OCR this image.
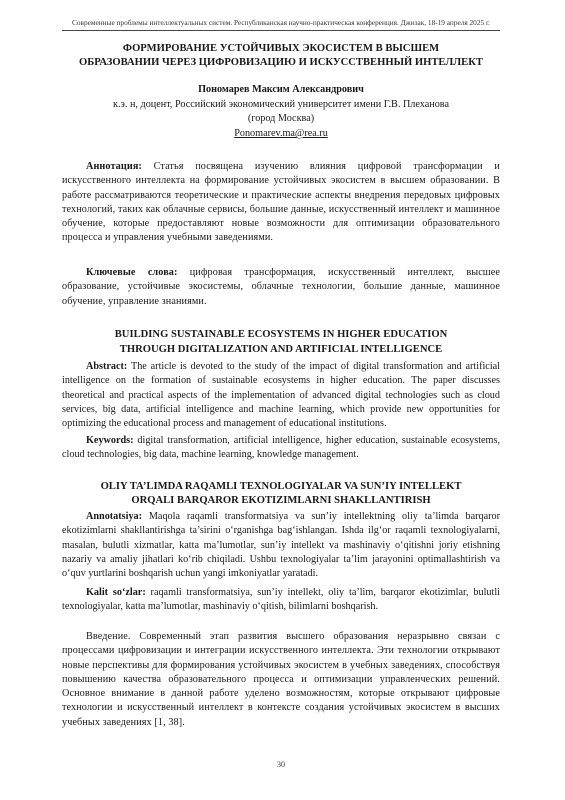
Современные проблемы интеллектуальных систем. Республиканская научно-практическая конференция. Джизак, 18-19 апреля 2025 г.
ФОРМИРОВАНИЕ УСТОЙЧИВЫХ ЭКОСИСТЕМ В ВЫСШЕМ
ОБРАЗОВАНИИ ЧЕРЕЗ ЦИФРОВИЗАЦИЮ И ИСКУССТВЕННЫЙ ИНТЕЛЛЕКТ
Пономарев Максим Александрович
к.э. н, доцент, Российский экономический университет имени Г.В. Плеханова
(город Москва)
Ponomarev.ma@rea.ru

Аннотация: Статья посвящена изучению влияния цифровой трансформации и искусственного интеллекта на формирование устойчивых экосистем в высшем образовании. В работе рассматриваются теоретические и практические аспекты внедрения передовых цифровых технологий, таких как облачные сервисы, большие данные, искусственный интеллект и машинное обучение, которые предоставляют новые возможности для оптимизации образовательного процесса и управления учебными заведениями.

Ключевые слова: цифровая трансформация, искусственный интеллект, высшее образование, устойчивые экосистемы, облачные технологии, большие данные, машинное обучение, управление знаниями.

BUILDING SUSTAINABLE ECOSYSTEMS IN HIGHER EDUCATION
THROUGH DIGITALIZATION AND ARTIFICIAL INTELLIGENCE

Abstract: The article is devoted to the study of the impact of digital transformation and artificial intelligence on the formation of sustainable ecosystems in higher education. The paper discusses theoretical and practical aspects of the implementation of advanced digital technologies such as cloud services, big data, artificial intelligence and machine learning, which provide new opportunities for optimizing the educational process and management of educational institutions.

Keywords: digital transformation, artificial intelligence, higher education, sustainable ecosystems, cloud technologies, big data, machine learning, knowledge management.

OLIY TA’LIMDA RAQAMLI TEXNOLOGIYALAR VA SUN’IY INTELLEKT
ORQALI BARQAROR EKOTIZIMLARNI SHAKLLANTIRISH

Annotatsiya: Maqola raqamli transformatsiya va sun’iy intellektning oliy ta’limda barqaror ekotizimlarni shakllantirishga ta’sirini o‘rganishga bag‘ishlangan. Ishda ilg‘or raqamli texnologiyalarni, masalan, bulutli xizmatlar, katta ma’lumotlar, sun’iy intellekt va mashinaviy o‘qitishni joriy etishning nazariy va amaliy jihatlari ko‘rib chiqiladi. Ushbu texnologiyalar ta’lim jarayonini optimallashtirish va o‘quv yurtlarini boshqarish uchun yangi imkoniyatlar yaratadi.

Kalit so‘zlar: raqamli transformatsiya, sun’iy intellekt, oliy ta’lim, barqaror ekotizimlar, bulutli texnologiyalar, katta ma’lumotlar, mashinaviy o‘qitish, bilimlarni boshqarish.

Введение. Современный этап развития высшего образования неразрывно связан с процессами цифровизации и интеграции искусственного интеллекта. Эти технологии открывают новые перспективы для формирования устойчивых экосистем в учебных заведениях, способствуя повышению качества образовательного процесса и оптимизации управленческих решений. Основное внимание в данной работе уделено возможностям, которые открывают цифровые технологии и искусственный интеллект в контексте создания устойчивых экосистем в высших учебных заведениях [1, 38].

30
